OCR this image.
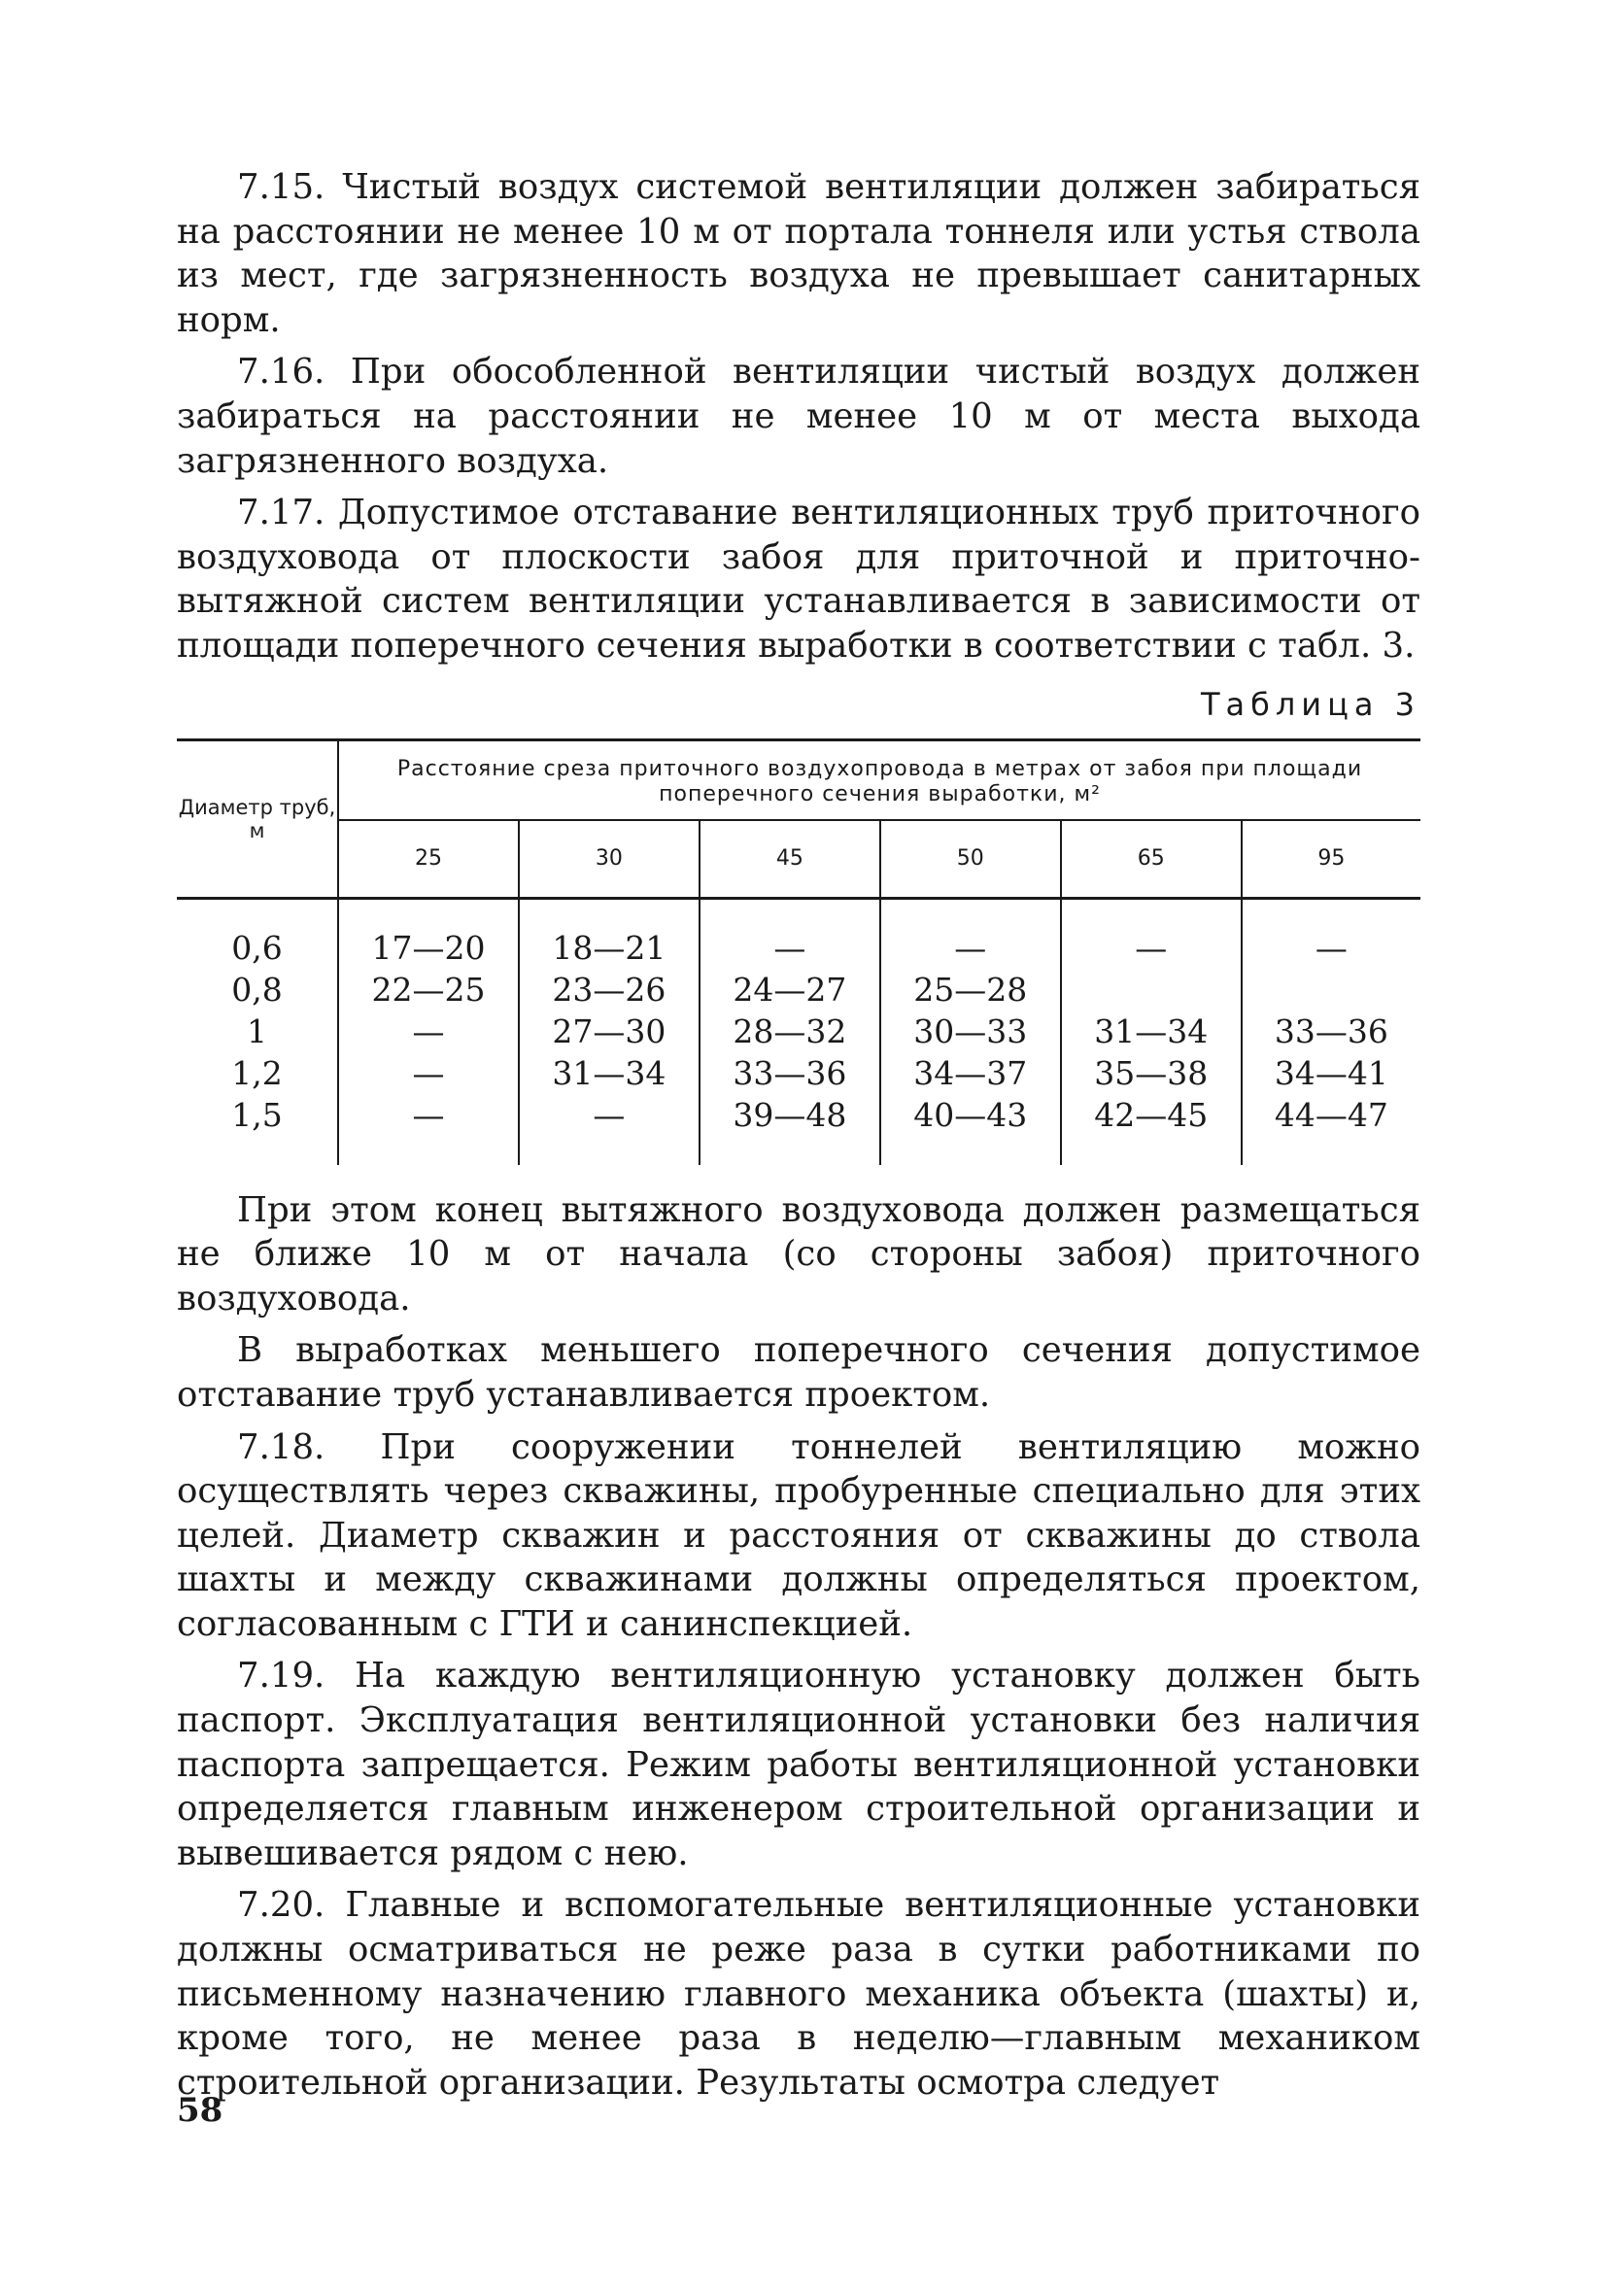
7.15. Чистый воздух системой вентиляции должен забираться на расстоянии не менее 10 м от портала тоннеля или устья ствола из мест, где загрязненность воздуха не превышает санитарных норм.

7.16. При обособленной вентиляции чистый воздух должен забираться на расстоянии не менее 10 м от места выхода загрязненного воздуха.

7.17. Допустимое отставание вентиляционных труб приточного воздуховода от плоскости забоя для приточной и приточно-вытяжной систем вентиляции устанавливается в зависимости от площади поперечного сечения выработки в соответствии с табл. 3.

Таблица 3
Диаметр труб, м	Расстояние среза приточного воздухопровода в метрах от забоя при площади поперечного сечения выработки, м²					
	25	30	45	50	65	95
0,6	17—20	18—21	—	—	—	—
0,8	22—25	23—26	24—27	25—28		
1	—	27—30	28—32	30—33	31—34	33—36
1,2	—	31—34	33—36	34—37	35—38	34—41
1,5	—	—	39—48	40—43	42—45	44—47

При этом конец вытяжного воздуховода должен размещаться не ближе 10 м от начала (со стороны забоя) приточного воздуховода.

В выработках меньшего поперечного сечения допустимое отставание труб устанавливается проектом.

7.18. При сооружении тоннелей вентиляцию можно осуществлять через скважины, пробуренные специально для этих целей. Диаметр скважин и расстояния от скважины до ствола шахты и между скважинами должны определяться проектом, согласованным с ГТИ и санинспекцией.

7.19. На каждую вентиляционную установку должен быть паспорт. Эксплуатация вентиляционной установки без наличия паспорта запрещается. Режим работы вентиляционной установки определяется главным инженером строительной организации и вывешивается рядом с нею.

7.20. Главные и вспомогательные вентиляционные установки должны осматриваться не реже раза в сутки работниками по письменному назначению главного механика объекта (шахты) и, кроме того, не менее раза в неделю—главным механиком строительной организации. Результаты осмотра следует

58
